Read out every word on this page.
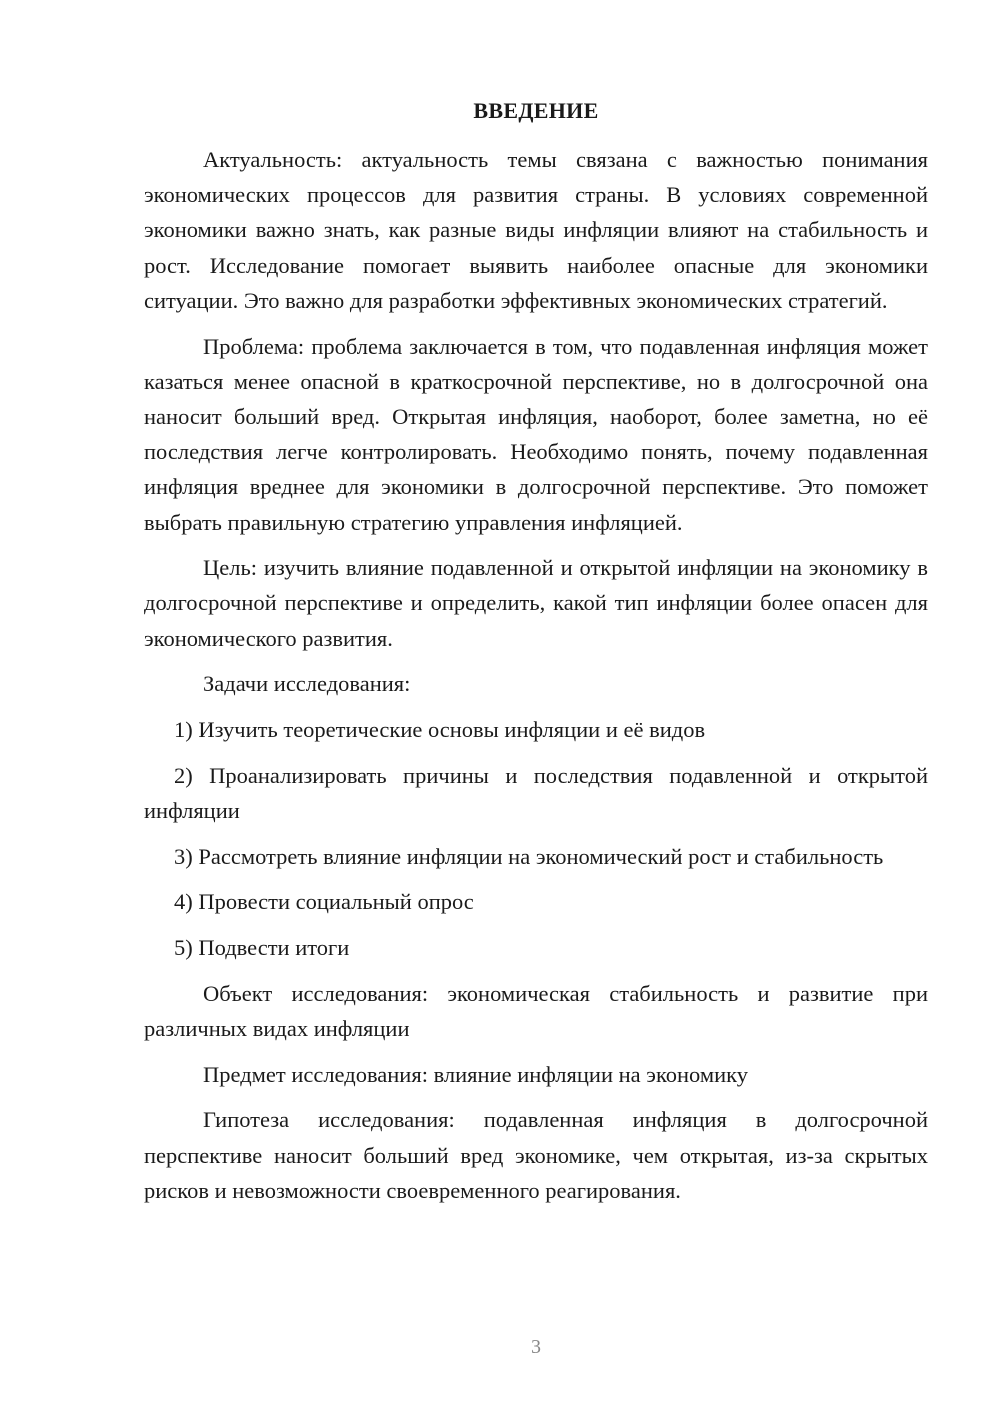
ВВЕДЕНИЕ

Актуальность: актуальность темы связана с важностью понимания экономических процессов для развития страны. В условиях современной экономики важно знать, как разные виды инфляции влияют на стабильность и рост. Исследование помогает выявить наиболее опасные для экономики ситуации. Это важно для разработки эффективных экономических стратегий.

Проблема: проблема заключается в том, что подавленная инфляция может казаться менее опасной в краткосрочной перспективе, но в долгосрочной она наносит больший вред. Открытая инфляция, наоборот, более заметна, но её последствия легче контролировать. Необходимо понять, почему подавленная инфляция вреднее для экономики в долгосрочной перспективе. Это поможет выбрать правильную стратегию управления инфляцией.

Цель: изучить влияние подавленной и открытой инфляции на экономику в долгосрочной перспективе и определить, какой тип инфляции более опасен для экономического развития.

Задачи исследования:

1) Изучить теоретические основы инфляции и её видов

2) Проанализировать причины и последствия подавленной и открытой инфляции

3) Рассмотреть влияние инфляции на экономический рост и стабильность

4) Провести социальный опрос

5) Подвести итоги

Объект исследования: экономическая стабильность и развитие при различных видах инфляции

Предмет исследования: влияние инфляции на экономику

Гипотеза исследования: подавленная инфляция в долгосрочной перспективе наносит больший вред экономике, чем открытая, из-за скрытых рисков и невозможности своевременного реагирования.

3
